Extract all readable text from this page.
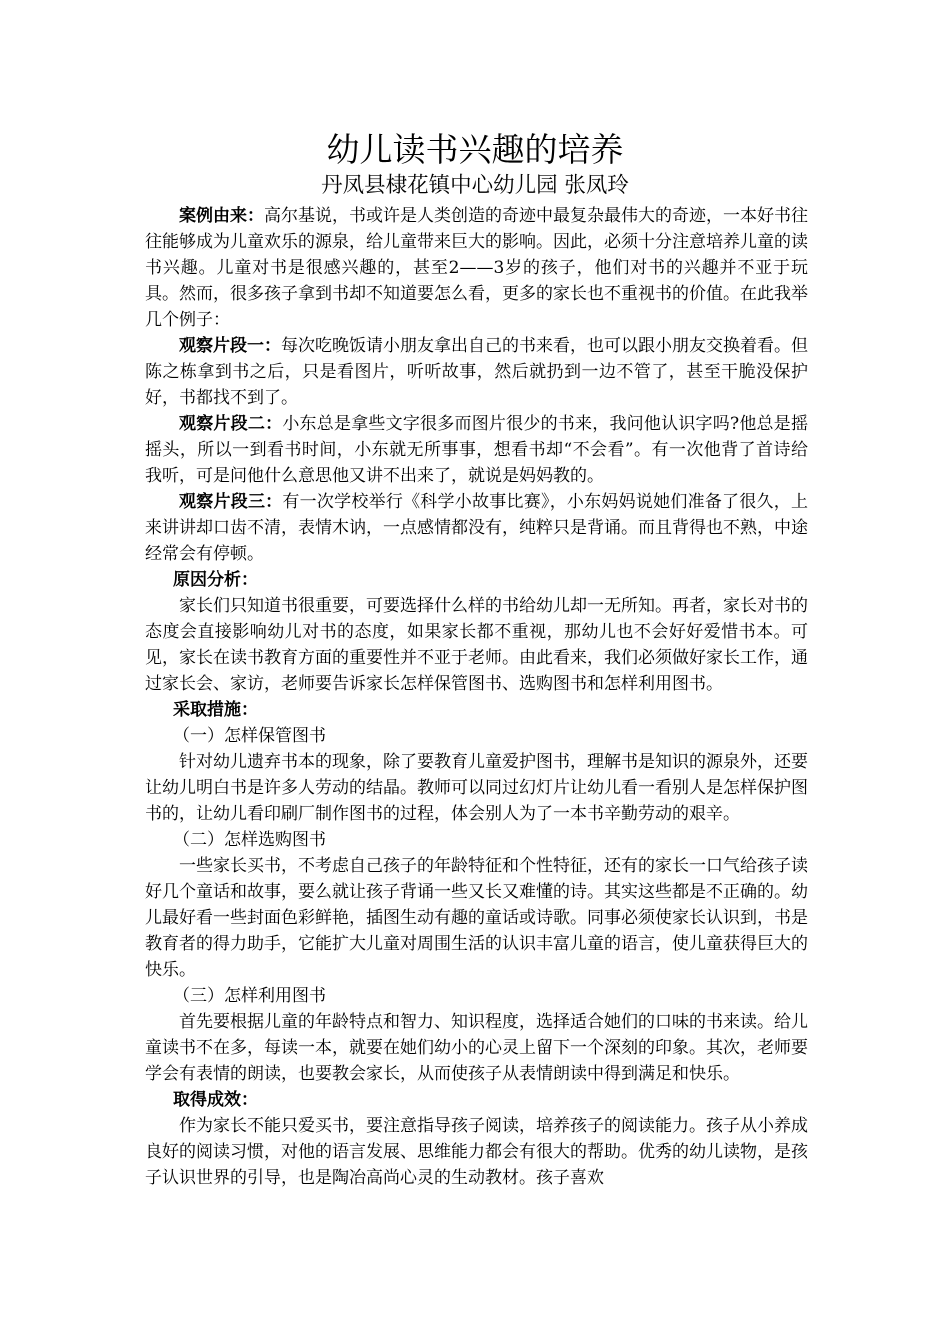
幼儿读书兴趣的培养
丹凤县棣花镇中心幼儿园 张凤玲

案例由来：高尔基说，书或许是人类创造的奇迹中最复杂最伟大的奇迹，一本好书往往能够成为儿童欢乐的源泉，给儿童带来巨大的影响。因此，必须十分注意培养儿童的读书兴趣。儿童对书是很感兴趣的，甚至2——3岁的孩子，他们对书的兴趣并不亚于玩具。然而，很多孩子拿到书却不知道要怎么看，更多的家长也不重视书的价值。在此我举几个例子：

观察片段一：每次吃晚饭请小朋友拿出自己的书来看，也可以跟小朋友交换着看。但陈之栋拿到书之后，只是看图片，听听故事，然后就扔到一边不管了，甚至干脆没保护好，书都找不到了。

观察片段二：小东总是拿些文字很多而图片很少的书来，我问他认识字吗?他总是摇摇头，所以一到看书时间，小东就无所事事，想看书却“不会看”。有一次他背了首诗给我听，可是问他什么意思他又讲不出来了，就说是妈妈教的。

观察片段三：有一次学校举行《科学小故事比赛》，小东妈妈说她们准备了很久，上来讲讲却口齿不清，表情木讷，一点感情都没有，纯粹只是背诵。而且背得也不熟，中途经常会有停顿。

原因分析：

家长们只知道书很重要，可要选择什么样的书给幼儿却一无所知。再者，家长对书的态度会直接影响幼儿对书的态度，如果家长都不重视，那幼儿也不会好好爱惜书本。可见，家长在读书教育方面的重要性并不亚于老师。由此看来，我们必须做好家长工作，通过家长会、家访，老师要告诉家长怎样保管图书、选购图书和怎样利用图书。

采取措施：

（一）怎样保管图书

针对幼儿遗弃书本的现象，除了要教育儿童爱护图书，理解书是知识的源泉外，还要让幼儿明白书是许多人劳动的结晶。教师可以同过幻灯片让幼儿看一看别人是怎样保护图书的，让幼儿看印刷厂制作图书的过程，体会别人为了一本书辛勤劳动的艰辛。

（二）怎样选购图书

一些家长买书，不考虑自己孩子的年龄特征和个性特征，还有的家长一口气给孩子读好几个童话和故事，要么就让孩子背诵一些又长又难懂的诗。其实这些都是不正确的。幼儿最好看一些封面色彩鲜艳，插图生动有趣的童话或诗歌。同事必须使家长认识到，书是教育者的得力助手，它能扩大儿童对周围生活的认识丰富儿童的语言，使儿童获得巨大的快乐。

（三）怎样利用图书

首先要根据儿童的年龄特点和智力、知识程度，选择适合她们的口味的书来读。给儿童读书不在多，每读一本，就要在她们幼小的心灵上留下一个深刻的印象。其次，老师要学会有表情的朗读，也要教会家长，从而使孩子从表情朗读中得到满足和快乐。

取得成效：

作为家长不能只爱买书，要注意指导孩子阅读，培养孩子的阅读能力。孩子从小养成良好的阅读习惯，对他的语言发展、思维能力都会有很大的帮助。优秀的幼儿读物，是孩子认识世界的引导，也是陶冶高尚心灵的生动教材。孩子喜欢
